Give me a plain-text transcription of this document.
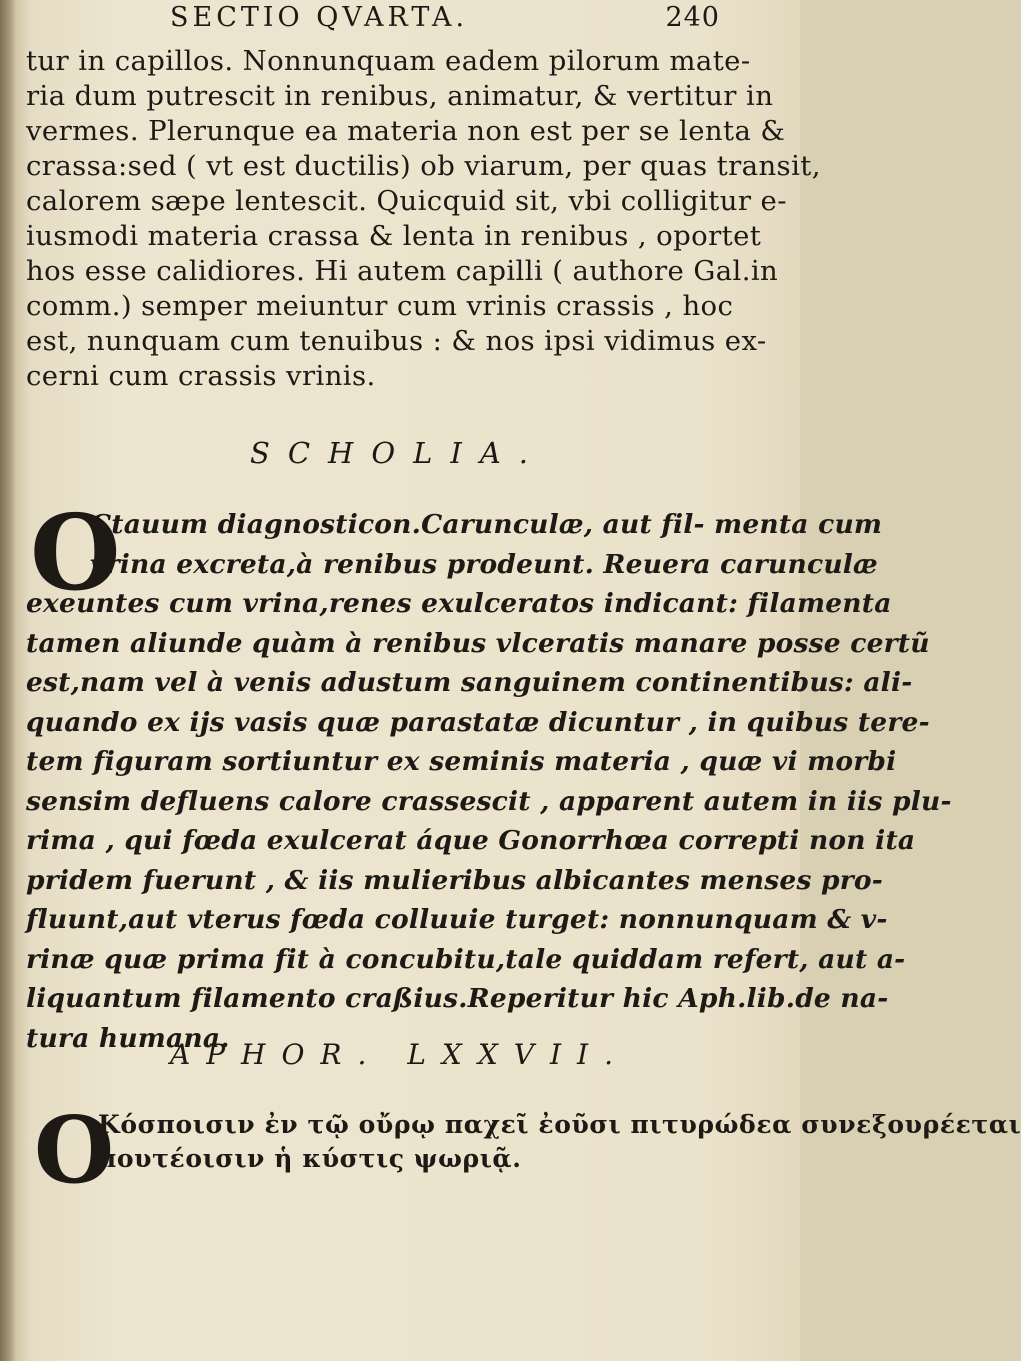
SECTIO QVARTA.	240
tur in capillos. Nonnunquam eadem pilorum mate-
ria dum putrescit in renibus, animatur, & vertitur in
vermes. Plerunque ea materia non est per se lenta &
crassa:sed ( vt est ductilis) ob viarum, per quas transit,
calorem sæpe lentescit. Quicquid sit, vbi colligitur e-
iusmodi materia crassa & lenta in renibus , oportet
hos esse calidiores. Hi autem capilli ( authore Gal.in
comm.) semper meiuntur cum vrinis crassis , hoc
est, nunquam cum tenuibus : & nos ipsi vidimus ex-
cerni cum crassis vrinis.
SCHOLIA.
O
Ctauum diagnosticon.Carunculæ, aut fil- menta cum
vrina excreta,à renibus prodeunt. Reuera carunculæ
exeuntes cum vrina,renes exulceratos indicant: filamenta
tamen aliunde quàm à renibus vlceratis manare posse certũ
est,nam vel à venis adustum sanguinem continentibus: ali-
quando ex ijs vasis quæ parastatæ dicuntur , in quibus tere-
tem figuram sortiuntur ex seminis materia , quæ vi morbi
sensim defluens calore crassescit , apparent autem in iis plu-
rima , qui fœda exulcerat áque Gonorrhœa correpti non ita
pridem fuerunt , & iis mulieribus albicantes menses pro-
fluunt,aut vterus fœda colluuie turget: nonnunquam & v-
rinæ quæ prima fit à concubitu,tale quiddam refert, aut a-
liquantum filamento craßius.Reperitur hic Aph.lib.de na-
tura humana.
APHOR. LXXVII.
O
Κόσποισιν ἐν τῷ οὔρῳ παχεῖ ἐοῦσι πιτυρώδεα συνεξουρέεται
πουτέοισιν ἡ κύστις ψωριᾷ.
